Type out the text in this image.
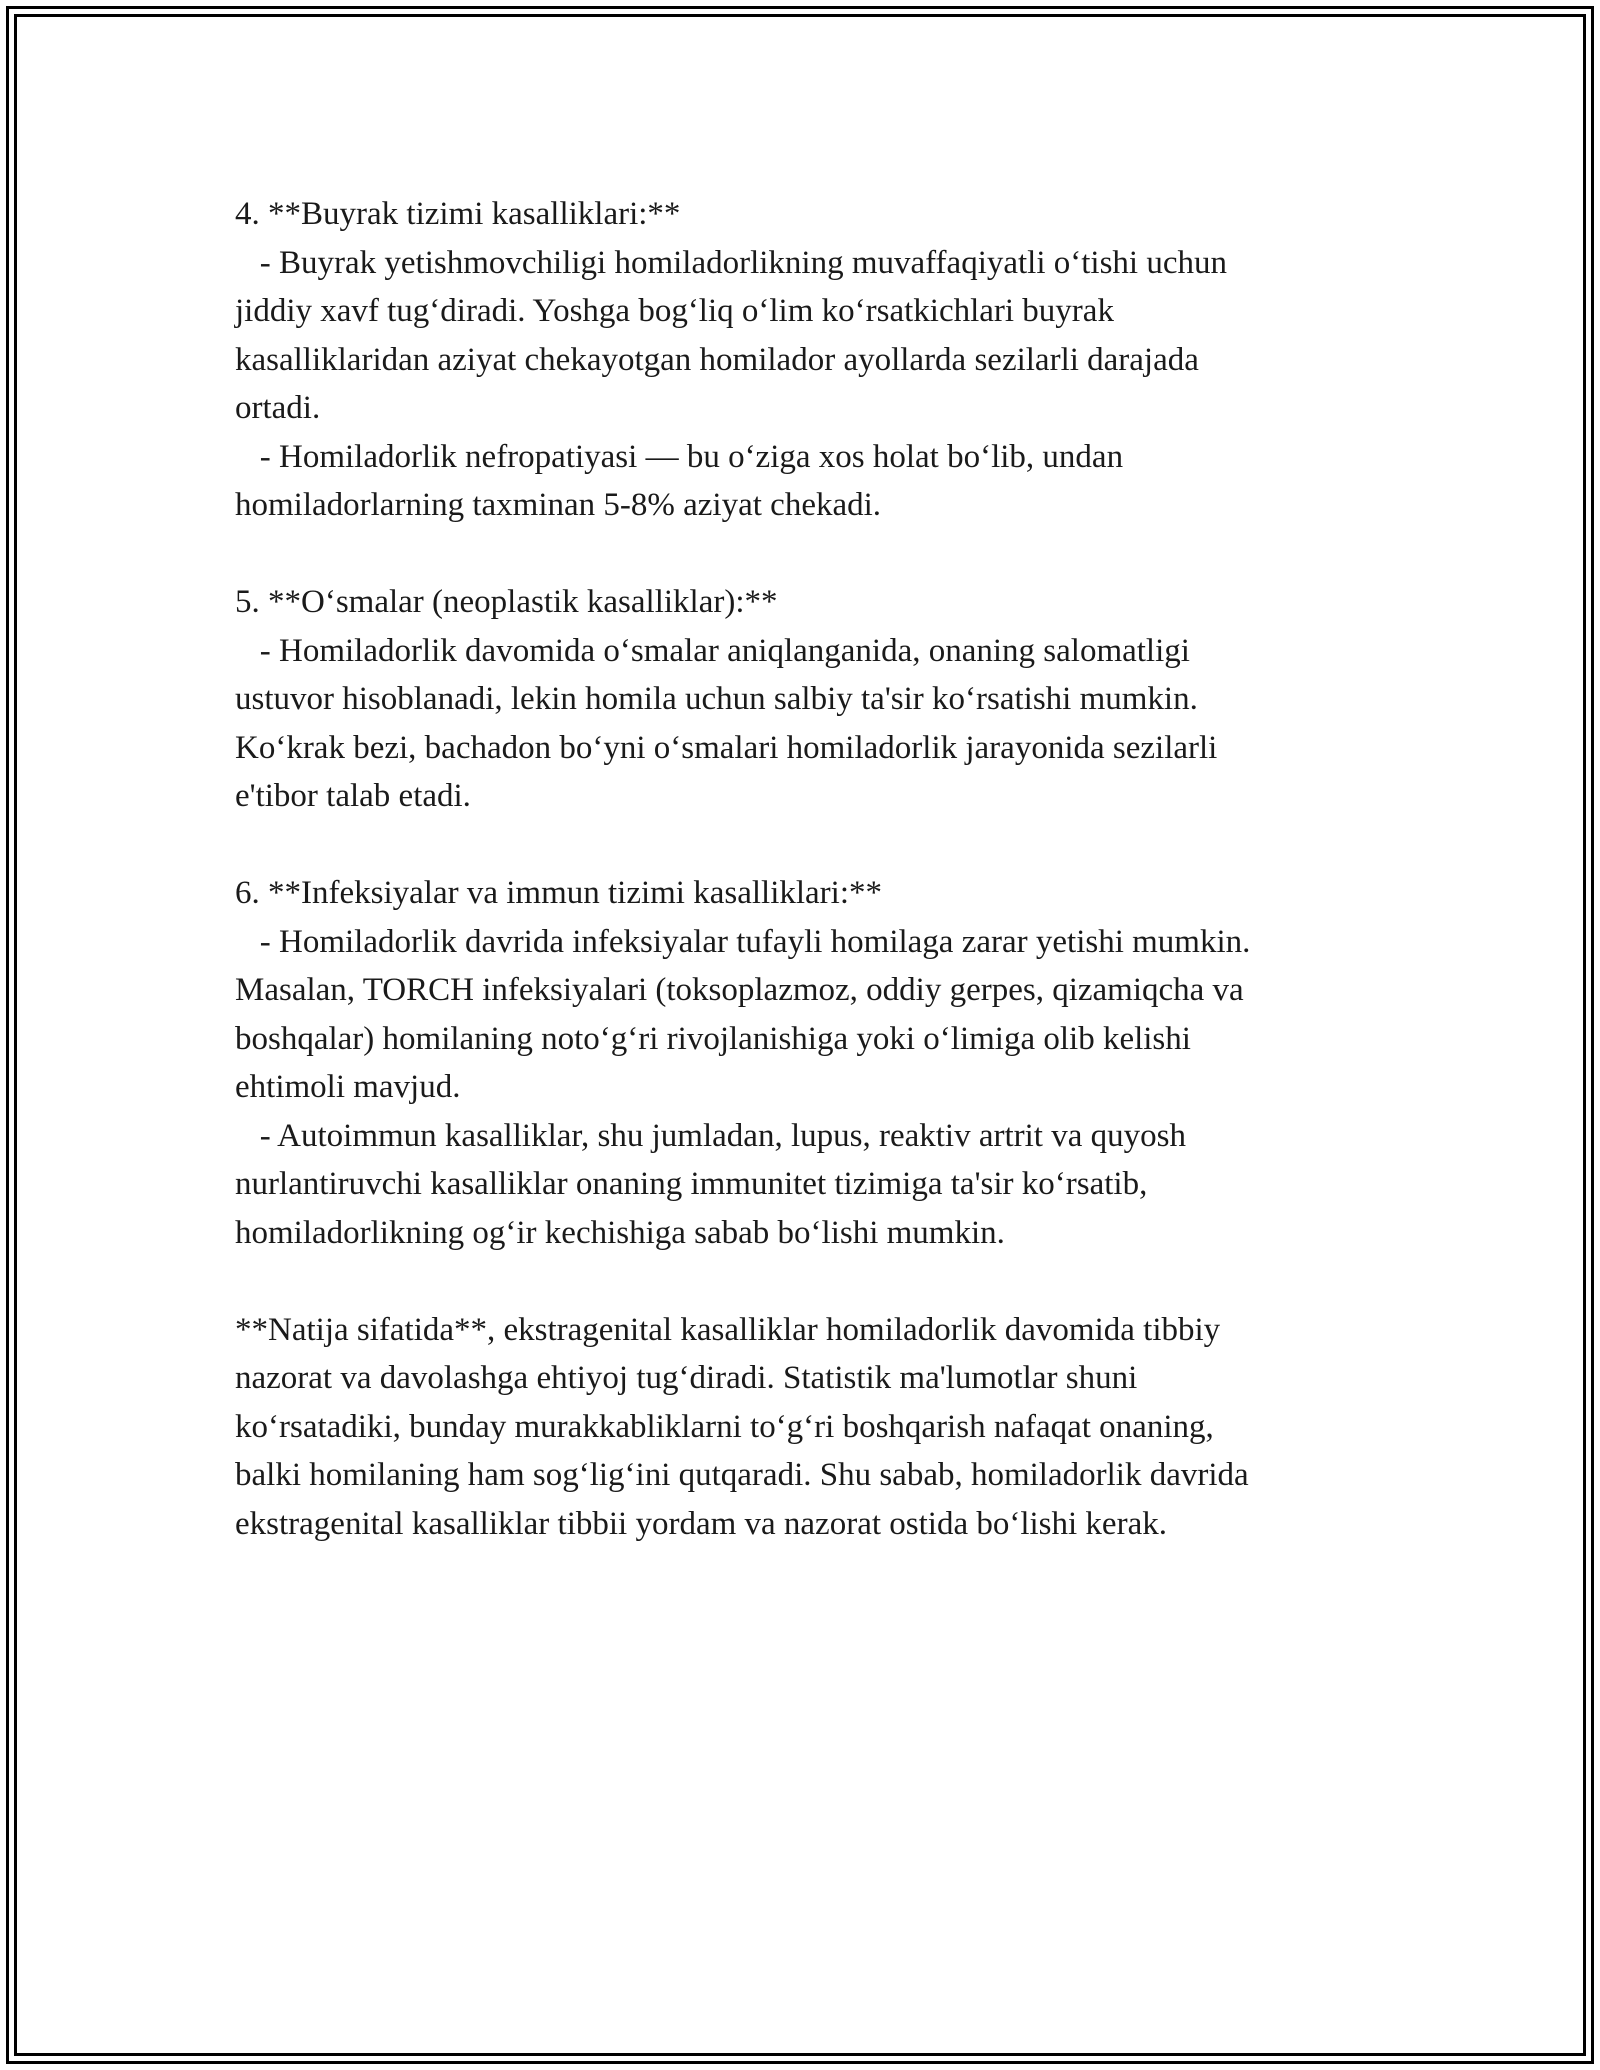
4. **Buyrak tizimi kasalliklari:**
- Buyrak yetishmovchiligi homiladorlikning muvaffaqiyatli o‘tishi uchun
jiddiy xavf tug‘diradi. Yoshga bog‘liq o‘lim ko‘rsatkichlari buyrak
kasalliklaridan aziyat chekayotgan homilador ayollarda sezilarli darajada
ortadi.
- Homiladorlik nefropatiyasi — bu o‘ziga xos holat bo‘lib, undan
homiladorlarning taxminan 5-8% aziyat chekadi.
5. **O‘smalar (neoplastik kasalliklar):**
- Homiladorlik davomida o‘smalar aniqlanganida, onaning salomatligi
ustuvor hisoblanadi, lekin homila uchun salbiy ta'sir ko‘rsatishi mumkin.
Ko‘krak bezi, bachadon bo‘yni o‘smalari homiladorlik jarayonida sezilarli
e'tibor talab etadi.
6. **Infeksiyalar va immun tizimi kasalliklari:**
- Homiladorlik davrida infeksiyalar tufayli homilaga zarar yetishi mumkin.
Masalan, TORCH infeksiyalari (toksoplazmoz, oddiy gerpes, qizamiqcha va
boshqalar) homilaning noto‘g‘ri rivojlanishiga yoki o‘limiga olib kelishi
ehtimoli mavjud.
- Autoimmun kasalliklar, shu jumladan, lupus, reaktiv artrit va quyosh
nurlantiruvchi kasalliklar onaning immunitet tizimiga ta'sir ko‘rsatib,
homiladorlikning og‘ir kechishiga sabab bo‘lishi mumkin.
**Natija sifatida**, ekstragenital kasalliklar homiladorlik davomida tibbiy
nazorat va davolashga ehtiyoj tug‘diradi. Statistik ma'lumotlar shuni
ko‘rsatadiki, bunday murakkabliklarni to‘g‘ri boshqarish nafaqat onaning,
balki homilaning ham sog‘lig‘ini qutqaradi. Shu sabab, homiladorlik davrida
ekstragenital kasalliklar tibbii yordam va nazorat ostida bo‘lishi kerak.
